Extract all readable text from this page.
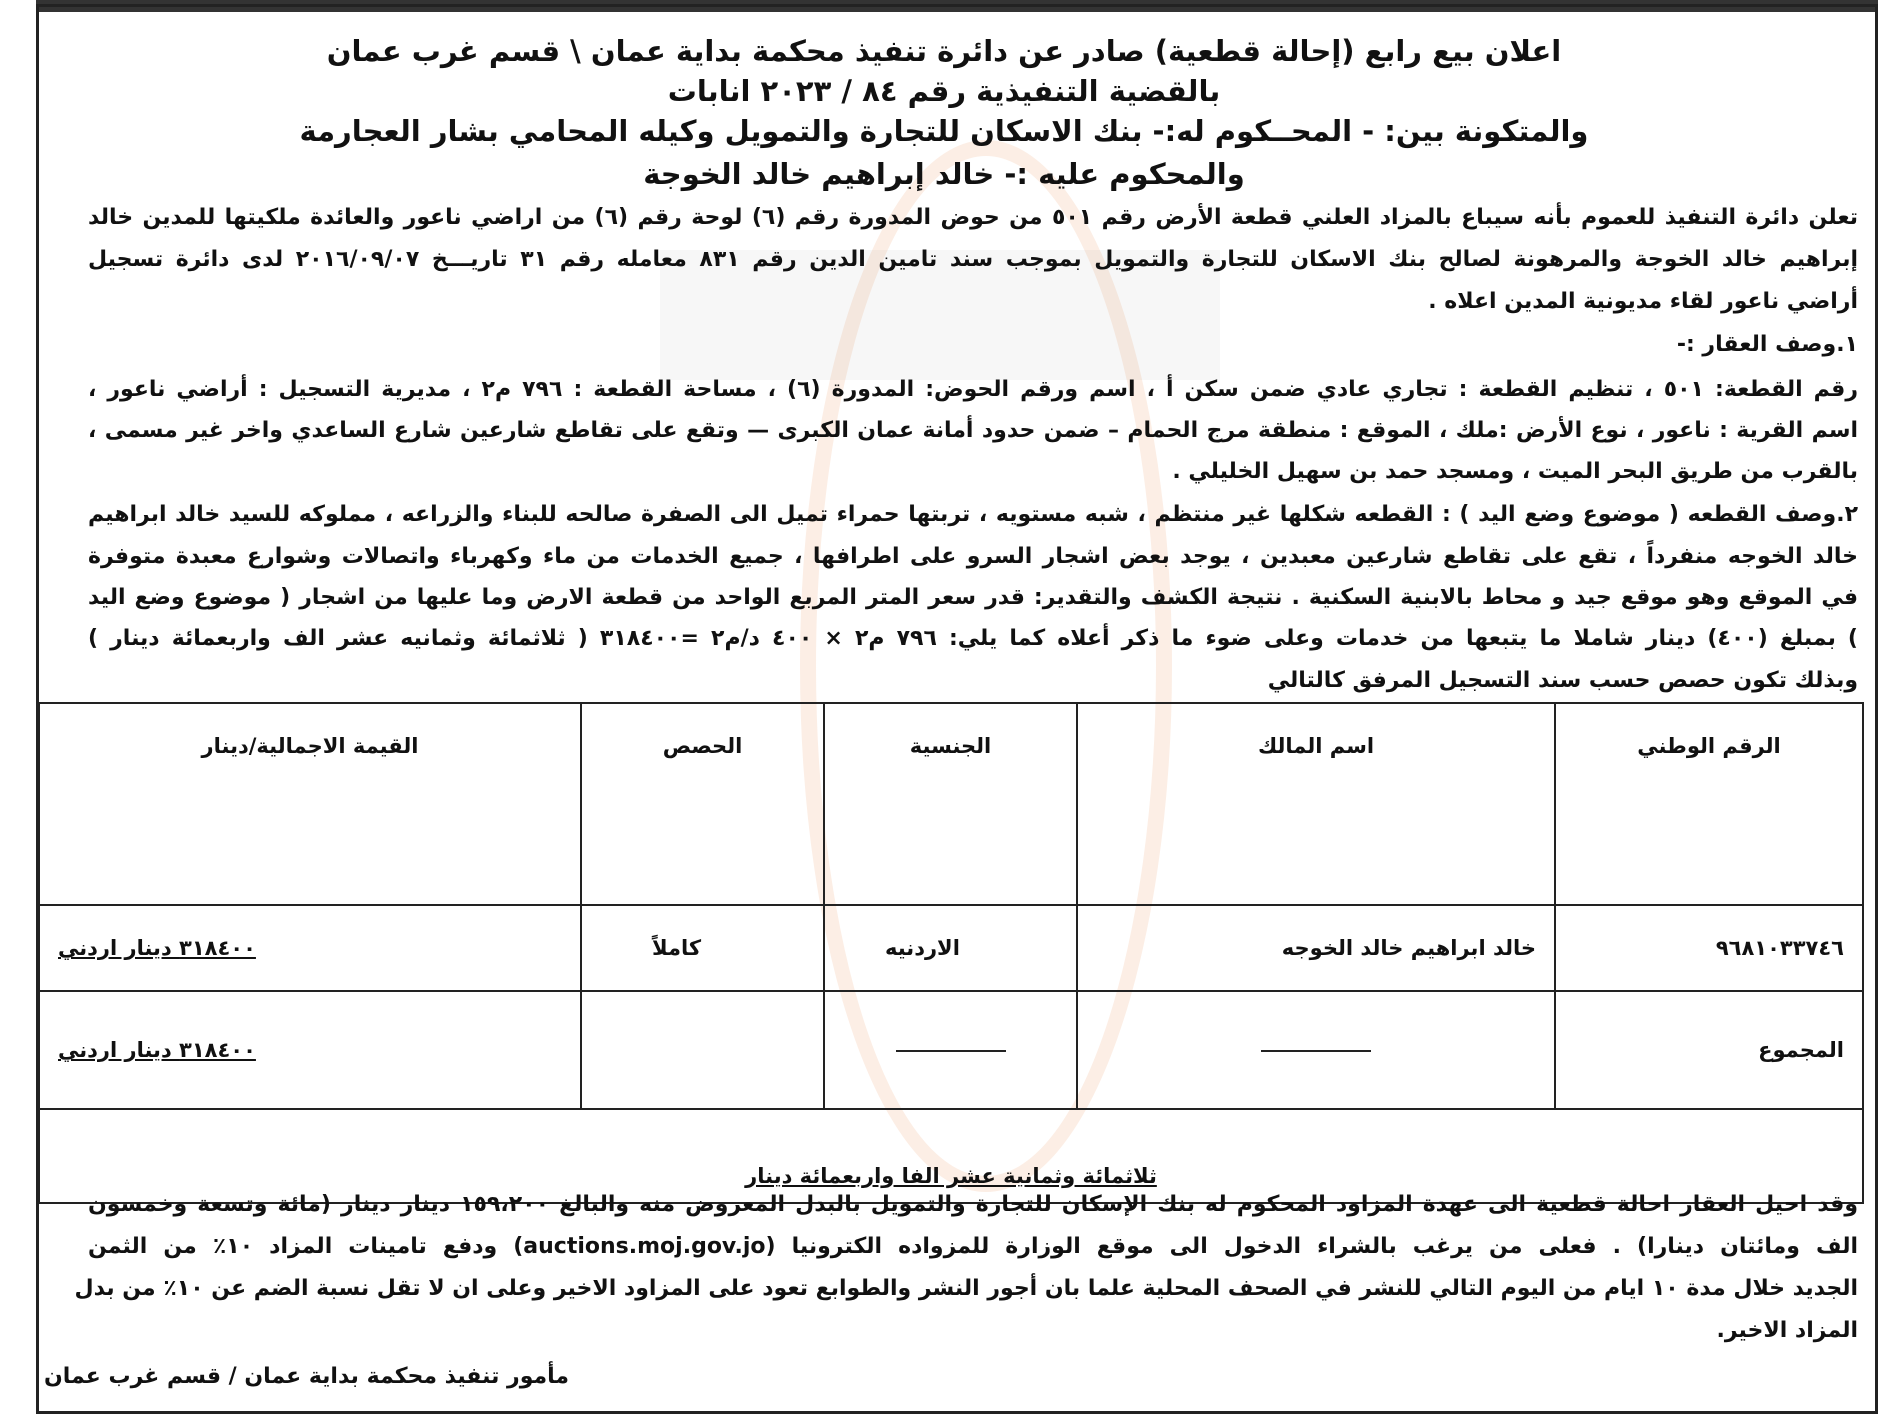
اعلان بيع رابع (إحالة قطعية) صادر عن دائرة تنفيذ محكمة بداية عمان \ قسم غرب عمان
بالقضية التنفيذية رقم ٨٤ / ٢٠٢٣ انابات
والمتكونة بين: - المحــكوم له:- بنك الاسكان للتجارة والتمويل وكيله المحامي بشار العجارمة
والمحكوم عليه :- خالد إبراهيم خالد الخوجة
تعلن دائرة التنفيذ للعموم بأنه سيباع بالمزاد العلني قطعة الأرض رقم ٥٠١ من حوض المدورة رقم (٦) لوحة رقم (٦) من اراضي ناعور والعائدة ملكيتها للمدين خالد
إبراهيم خالد الخوجة والمرهونة لصالح بنك الاسكان للتجارة والتمويل بموجب سند تامين الدين رقم ٨٣١ معامله رقم ٣١ تاريـــخ ٢٠١٦/٠٩/٠٧ لدى دائرة تسجيل
أراضي ناعور لقاء مديونية المدين اعلاه .
١.وصف العقار :-
رقم القطعة: ٥٠١ ، تنظيم القطعة : تجاري عادي ضمن سكن أ ، اسم ورقم الحوض: المدورة (٦) ، مساحة القطعة : ٧٩٦ م٢ ، مديرية التسجيل : أراضي ناعور ،
اسم القرية : ناعور ، نوع الأرض :ملك ، الموقع : منطقة مرج الحمام – ضمن حدود أمانة عمان الكبرى — وتقع على تقاطع شارعين شارع الساعدي واخر غير مسمى ،
بالقرب من طريق البحر الميت ، ومسجد حمد بن سهيل الخليلي .
٢.وصف القطعه ( موضوع وضع اليد ) : القطعه شكلها غير منتظم ، شبه مستويه ، تربتها حمراء تميل الى الصفرة صالحه للبناء والزراعه ، مملوكه للسيد خالد ابراهيم
خالد الخوجه منفرداً ، تقع على تقاطع شارعين معبدين ، يوجد بعض اشجار السرو على اطرافها ، جميع الخدمات من ماء وكهرباء واتصالات وشوارع معبدة متوفرة
في الموقع وهو موقع جيد و محاط بالابنية السكنية . نتيجة الكشف والتقدير: قدر سعر المتر المربع الواحد من قطعة الارض وما عليها من اشجار ( موضوع وضع اليد
) بمبلغ (٤٠٠) دينار شاملا ما يتبعها من خدمات وعلى ضوء ما ذكر أعلاه كما يلي: ٧٩٦ م٢ × ٤٠٠ د/م٢ =٣١٨٤٠٠ ( ثلاثمائة وثمانيه عشر الف واربعمائة دينار )
وبذلك تكون حصص حسب سند التسجيل المرفق كالتالي
الرقم الوطني	اسم المالك	الجنسية	الحصص	القيمة الاجمالية/دينار
٩٦٨١٠٣٣٧٤٦	خالد ابراهيم خالد الخوجه	الاردنيه	كاملاً	٣١٨٤٠٠ دينار اردني
المجموع				٣١٨٤٠٠ دينار اردني
ثلاثمائة وثمانية عشر الفا واربعمائة دينار				
وقد احيل العقار احالة قطعية الى عهدة المزاود المحكوم له بنك الإسكان للتجارة والتمويل بالبدل المعروض منه والبالغ ١٥٩،٢٠٠ دينار دينار (مائة وتسعة وخمسون
الف ومائتان دينارا) . فعلى من يرغب بالشراء الدخول الى موقع الوزارة للمزواده الكترونيا (auctions.moj.gov.jo) ودفع تامينات المزاد ١٠٪ من الثمن
الجديد خلال مدة ١٠ ايام من اليوم التالي للنشر في الصحف المحلية علما بان أجور النشر والطوابع تعود على المزاود الاخير وعلى ان لا تقل نسبة الضم عن ١٠٪ من بدل
المزاد الاخير.
مأمور تنفيذ محكمة بداية عمان / قسم غرب عمان
